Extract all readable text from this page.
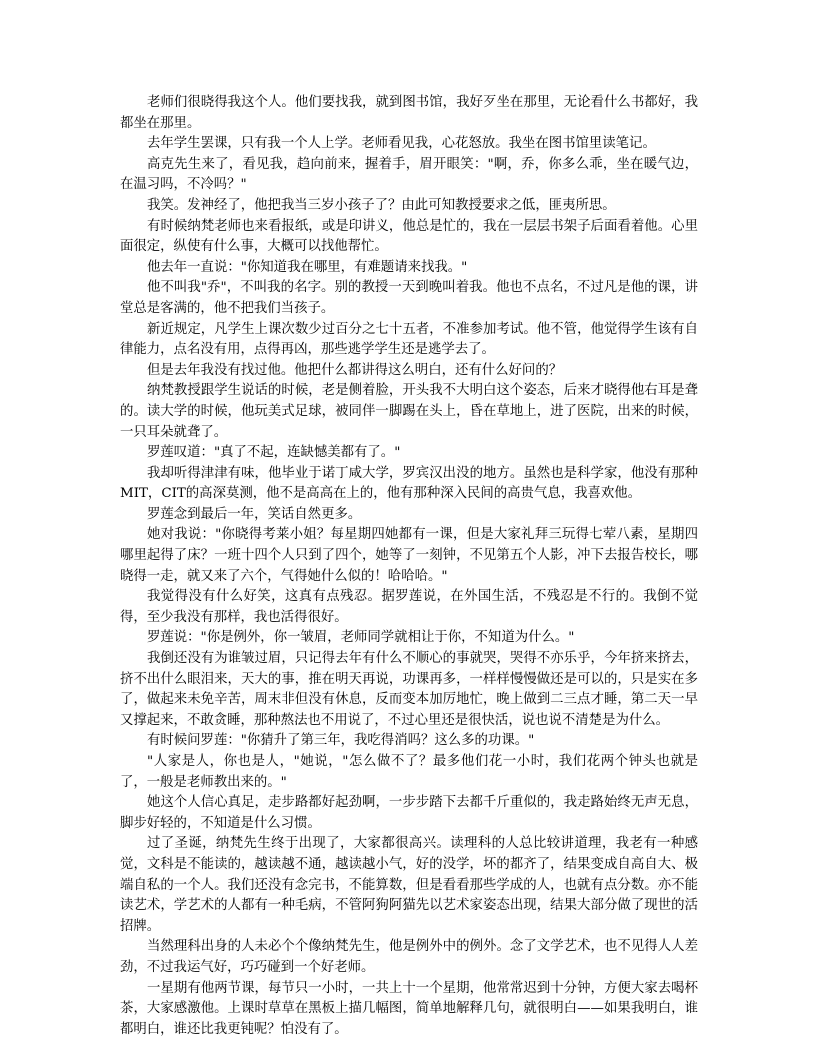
老师们很晓得我这个人。他们要找我，就到图书馆，我好歹坐在那里，无论看什么书都好，我都坐在那里。

去年学生罢课，只有我一个人上学。老师看见我，心花怒放。我坐在图书馆里读笔记。

高克先生来了，看见我，趋向前来，握着手，眉开眼笑："啊，乔，你多么乖，坐在暖气边，在温习吗，不冷吗？"

我笑。发神经了，他把我当三岁小孩子了？由此可知教授要求之低，匪夷所思。

有时候纳梵老师也来看报纸，或是印讲义，他总是忙的，我在一层层书架子后面看着他。心里面很定，纵使有什么事，大概可以找他帮忙。

他去年一直说："你知道我在哪里，有难题请来找我。"

他不叫我"乔"，不叫我的名字。别的教授一天到晚叫着我。他也不点名，不过凡是他的课，讲堂总是客满的，他不把我们当孩子。

新近规定，凡学生上课次数少过百分之七十五者，不准参加考试。他不管，他觉得学生该有自律能力，点名没有用，点得再凶，那些逃学学生还是逃学去了。

但是去年我没有找过他。他把什么都讲得这么明白，还有什么好问的？

纳梵教授跟学生说话的时候，老是侧着脸，开头我不大明白这个姿态，后来才晓得他右耳是聋的。读大学的时候，他玩美式足球，被同伴一脚踢在头上，昏在草地上，进了医院，出来的时候，一只耳朵就聋了。

罗莲叹道："真了不起，连缺憾美都有了。"

我却听得津津有味，他毕业于诺丁咸大学，罗宾汉出没的地方。虽然也是科学家，他没有那种MIT，CIT的高深莫测，他不是高高在上的，他有那种深入民间的高贵气息，我喜欢他。

罗莲念到最后一年，笑话自然更多。

她对我说："你晓得考莱小姐？每星期四她都有一课，但是大家礼拜三玩得七荤八素，星期四哪里起得了床？一班十四个人只到了四个，她等了一刻钟，不见第五个人影，冲下去报告校长，哪晓得一走，就又来了六个，气得她什么似的！哈哈哈。"

我觉得没有什么好笑，这真有点残忍。据罗莲说，在外国生活，不残忍是不行的。我倒不觉得，至少我没有那样，我也活得很好。

罗莲说："你是例外，你一皱眉，老师同学就相让于你，不知道为什么。"

我倒还没有为谁皱过眉，只记得去年有什么不顺心的事就哭，哭得不亦乐乎，今年挤来挤去，挤不出什么眼泪来，天大的事，推在明天再说，功课再多，一样样慢慢做还是可以的，只是实在多了，做起来未免辛苦，周末非但没有休息，反而变本加厉地忙，晚上做到二三点才睡，第二天一早又撑起来，不敢贪睡，那种熬法也不用说了，不过心里还是很快活，说也说不清楚是为什么。

有时候问罗莲："你猜升了第三年，我吃得消吗？这么多的功课。"

"人家是人，你也是人，"她说，"怎么做不了？最多他们花一小时，我们花两个钟头也就是了，一般是老师教出来的。"

她这个人信心真足，走步路都好起劲啊，一步步踏下去都千斤重似的，我走路始终无声无息，脚步好轻的，不知道是什么习惯。

过了圣诞，纳梵先生终于出现了，大家都很高兴。读理科的人总比较讲道理，我老有一种感觉，文科是不能读的，越读越不通，越读越小气，好的没学，坏的都齐了，结果变成自高自大、极端自私的一个人。我们还没有念完书，不能算数，但是看看那些学成的人，也就有点分数。亦不能读艺术，学艺术的人都有一种毛病，不管阿狗阿猫先以艺术家姿态出现，结果大部分做了现世的活招牌。

当然理科出身的人未必个个像纳梵先生，他是例外中的例外。念了文学艺术，也不见得人人差劲，不过我运气好，巧巧碰到一个好老师。

一星期有他两节课，每节只一小时，一共上十一个星期，他常常迟到十分钟，方便大家去喝杯茶，大家感激他。上课时草草在黑板上描几幅图，简单地解释几句，就很明白——如果我明白，谁都明白，谁还比我更钝呢？怕没有了。
